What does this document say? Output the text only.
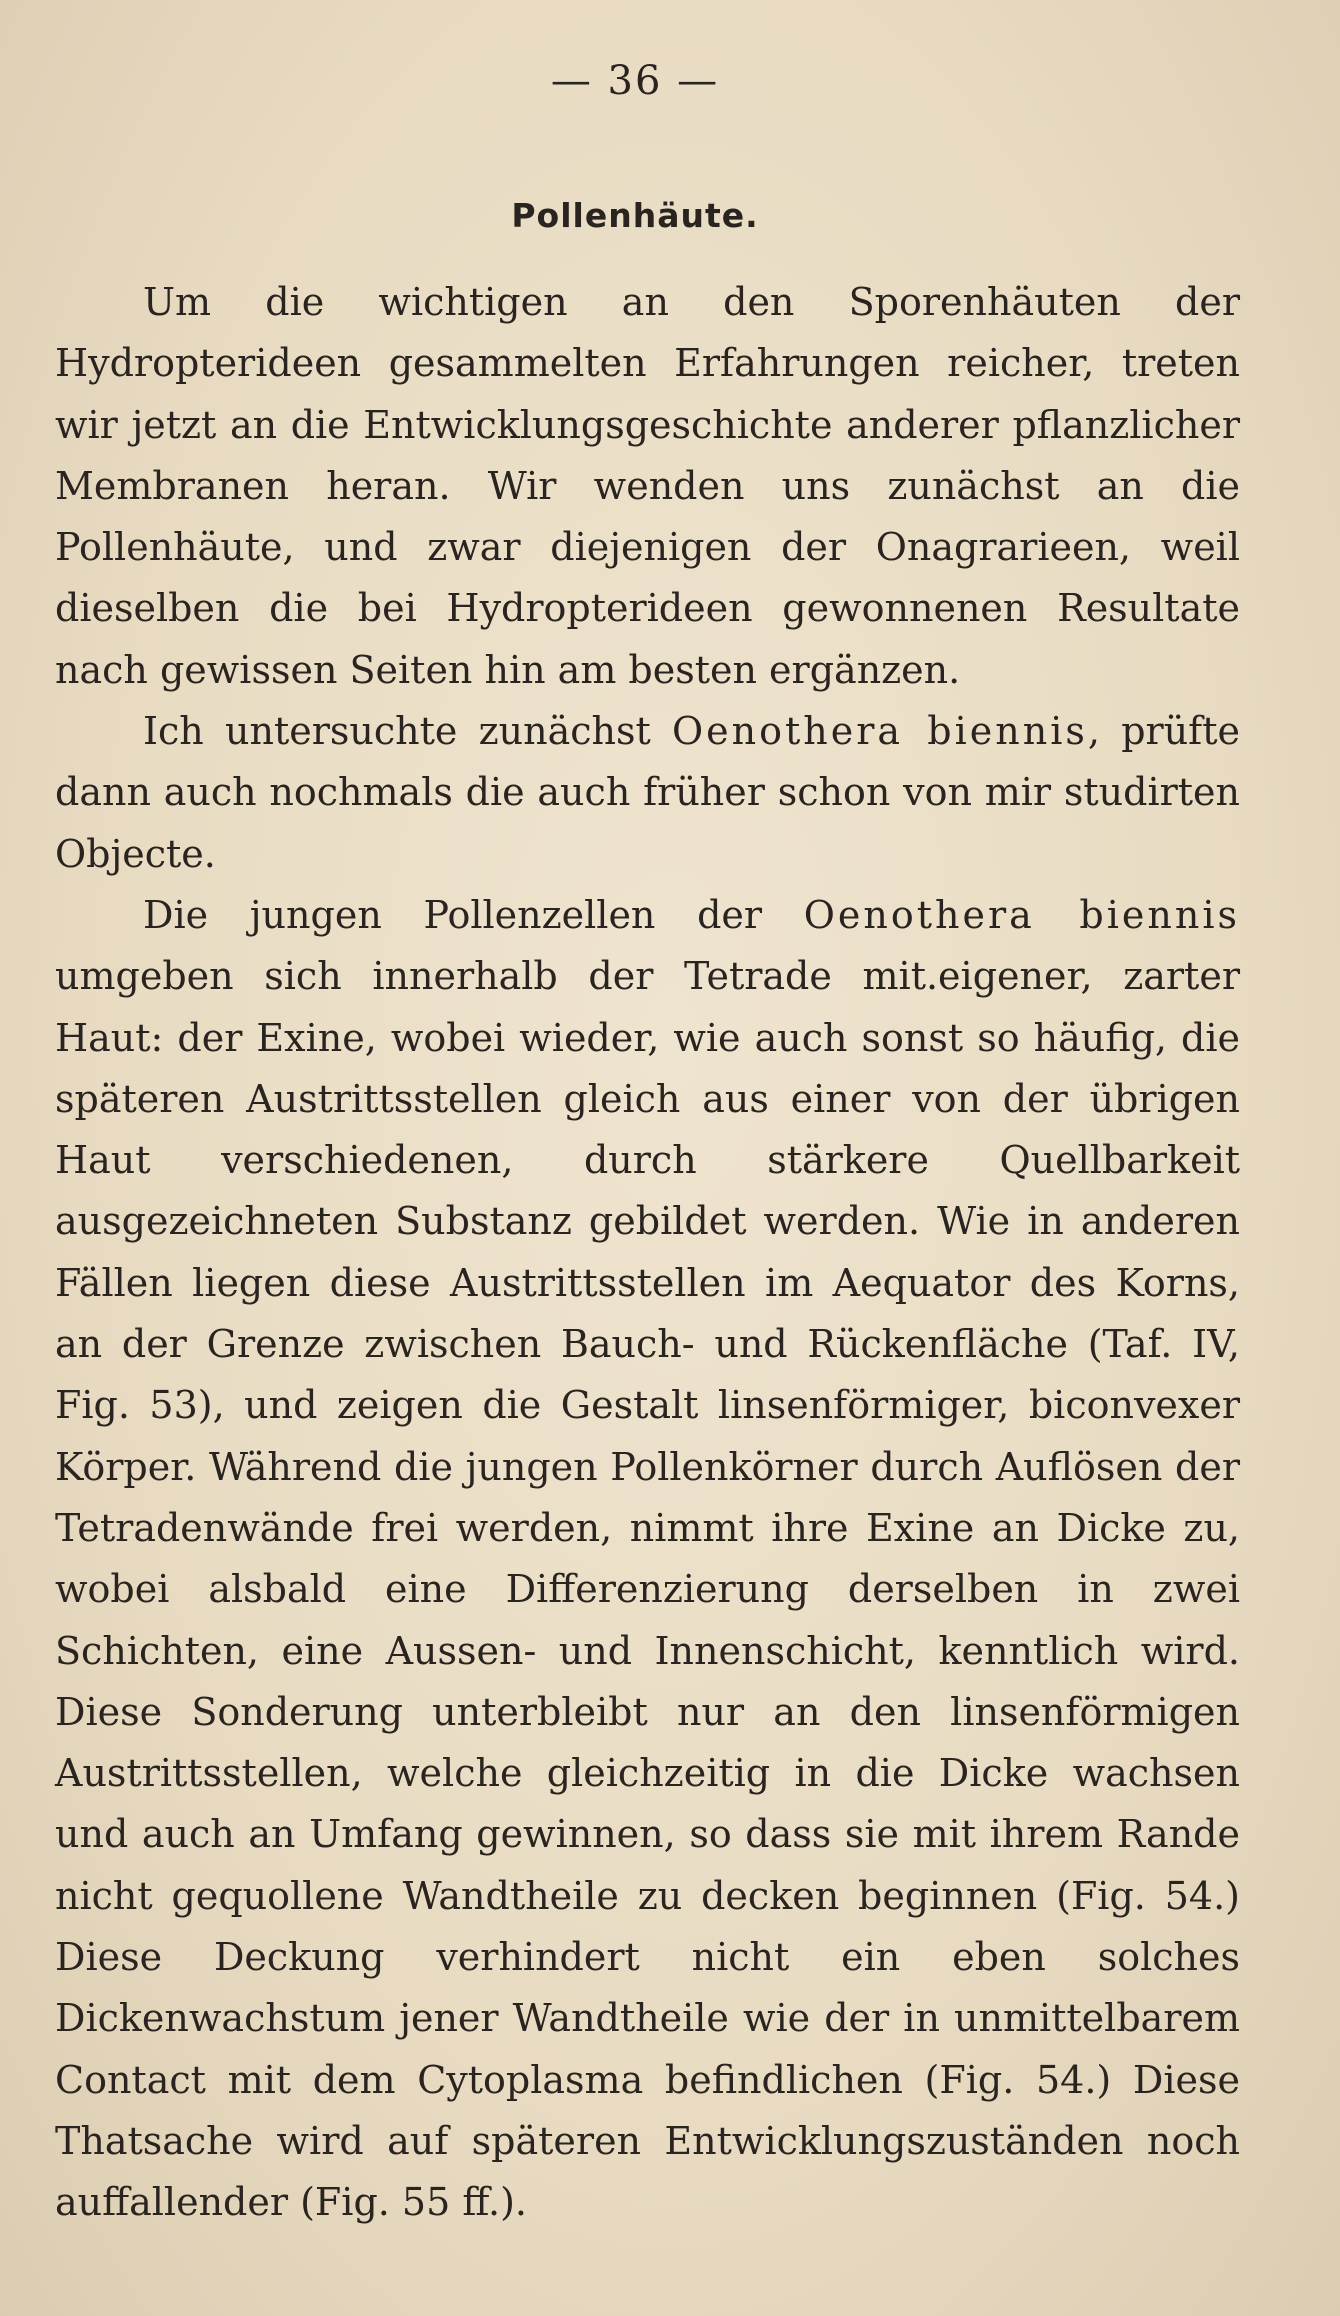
— 36 —
Pollenhäute.

Um die wichtigen an den Sporenhäuten der Hydropterideen gesammelten Erfahrungen reicher, treten wir jetzt an die Entwicklungsgeschichte anderer pflanzlicher Membranen heran. Wir wenden uns zunächst an die Pollenhäute, und zwar diejenigen der Onagrarieen, weil dieselben die bei Hydropterideen gewonnenen Resultate nach gewissen Seiten hin am besten ergänzen.

Ich untersuchte zunächst Oenothera biennis, prüfte dann auch nochmals die auch früher schon von mir studirten Objecte.

Die jungen Pollenzellen der Oenothera biennis umgeben sich innerhalb der Tetrade mit.eigener, zarter Haut: der Exine, wobei wieder, wie auch sonst so häufig, die späteren Austrittsstellen gleich aus einer von der übrigen Haut verschiedenen, durch stärkere Quellbarkeit ausgezeichneten Substanz gebildet werden. Wie in anderen Fällen liegen diese Austrittsstellen im Aequator des Korns, an der Grenze zwischen Bauch- und Rückenfläche (Taf. IV, Fig. 53), und zeigen die Gestalt linsenförmiger, biconvexer Körper. Während die jungen Pollenkörner durch Auflösen der Tetradenwände frei werden, nimmt ihre Exine an Dicke zu, wobei alsbald eine Differenzierung derselben in zwei Schichten, eine Aussen- und Innenschicht, kenntlich wird. Diese Sonderung unterbleibt nur an den linsenförmigen Austrittsstellen, welche gleichzeitig in die Dicke wachsen und auch an Umfang gewinnen, so dass sie mit ihrem Rande nicht gequollene Wandtheile zu decken beginnen (Fig. 54.) Diese Deckung verhindert nicht ein eben solches Dickenwachstum jener Wandtheile wie der in unmittelbarem Contact mit dem Cytoplasma befindlichen (Fig. 54.) Diese Thatsache wird auf späteren Entwicklungszuständen noch auffallender (Fig. 55 ff.).
